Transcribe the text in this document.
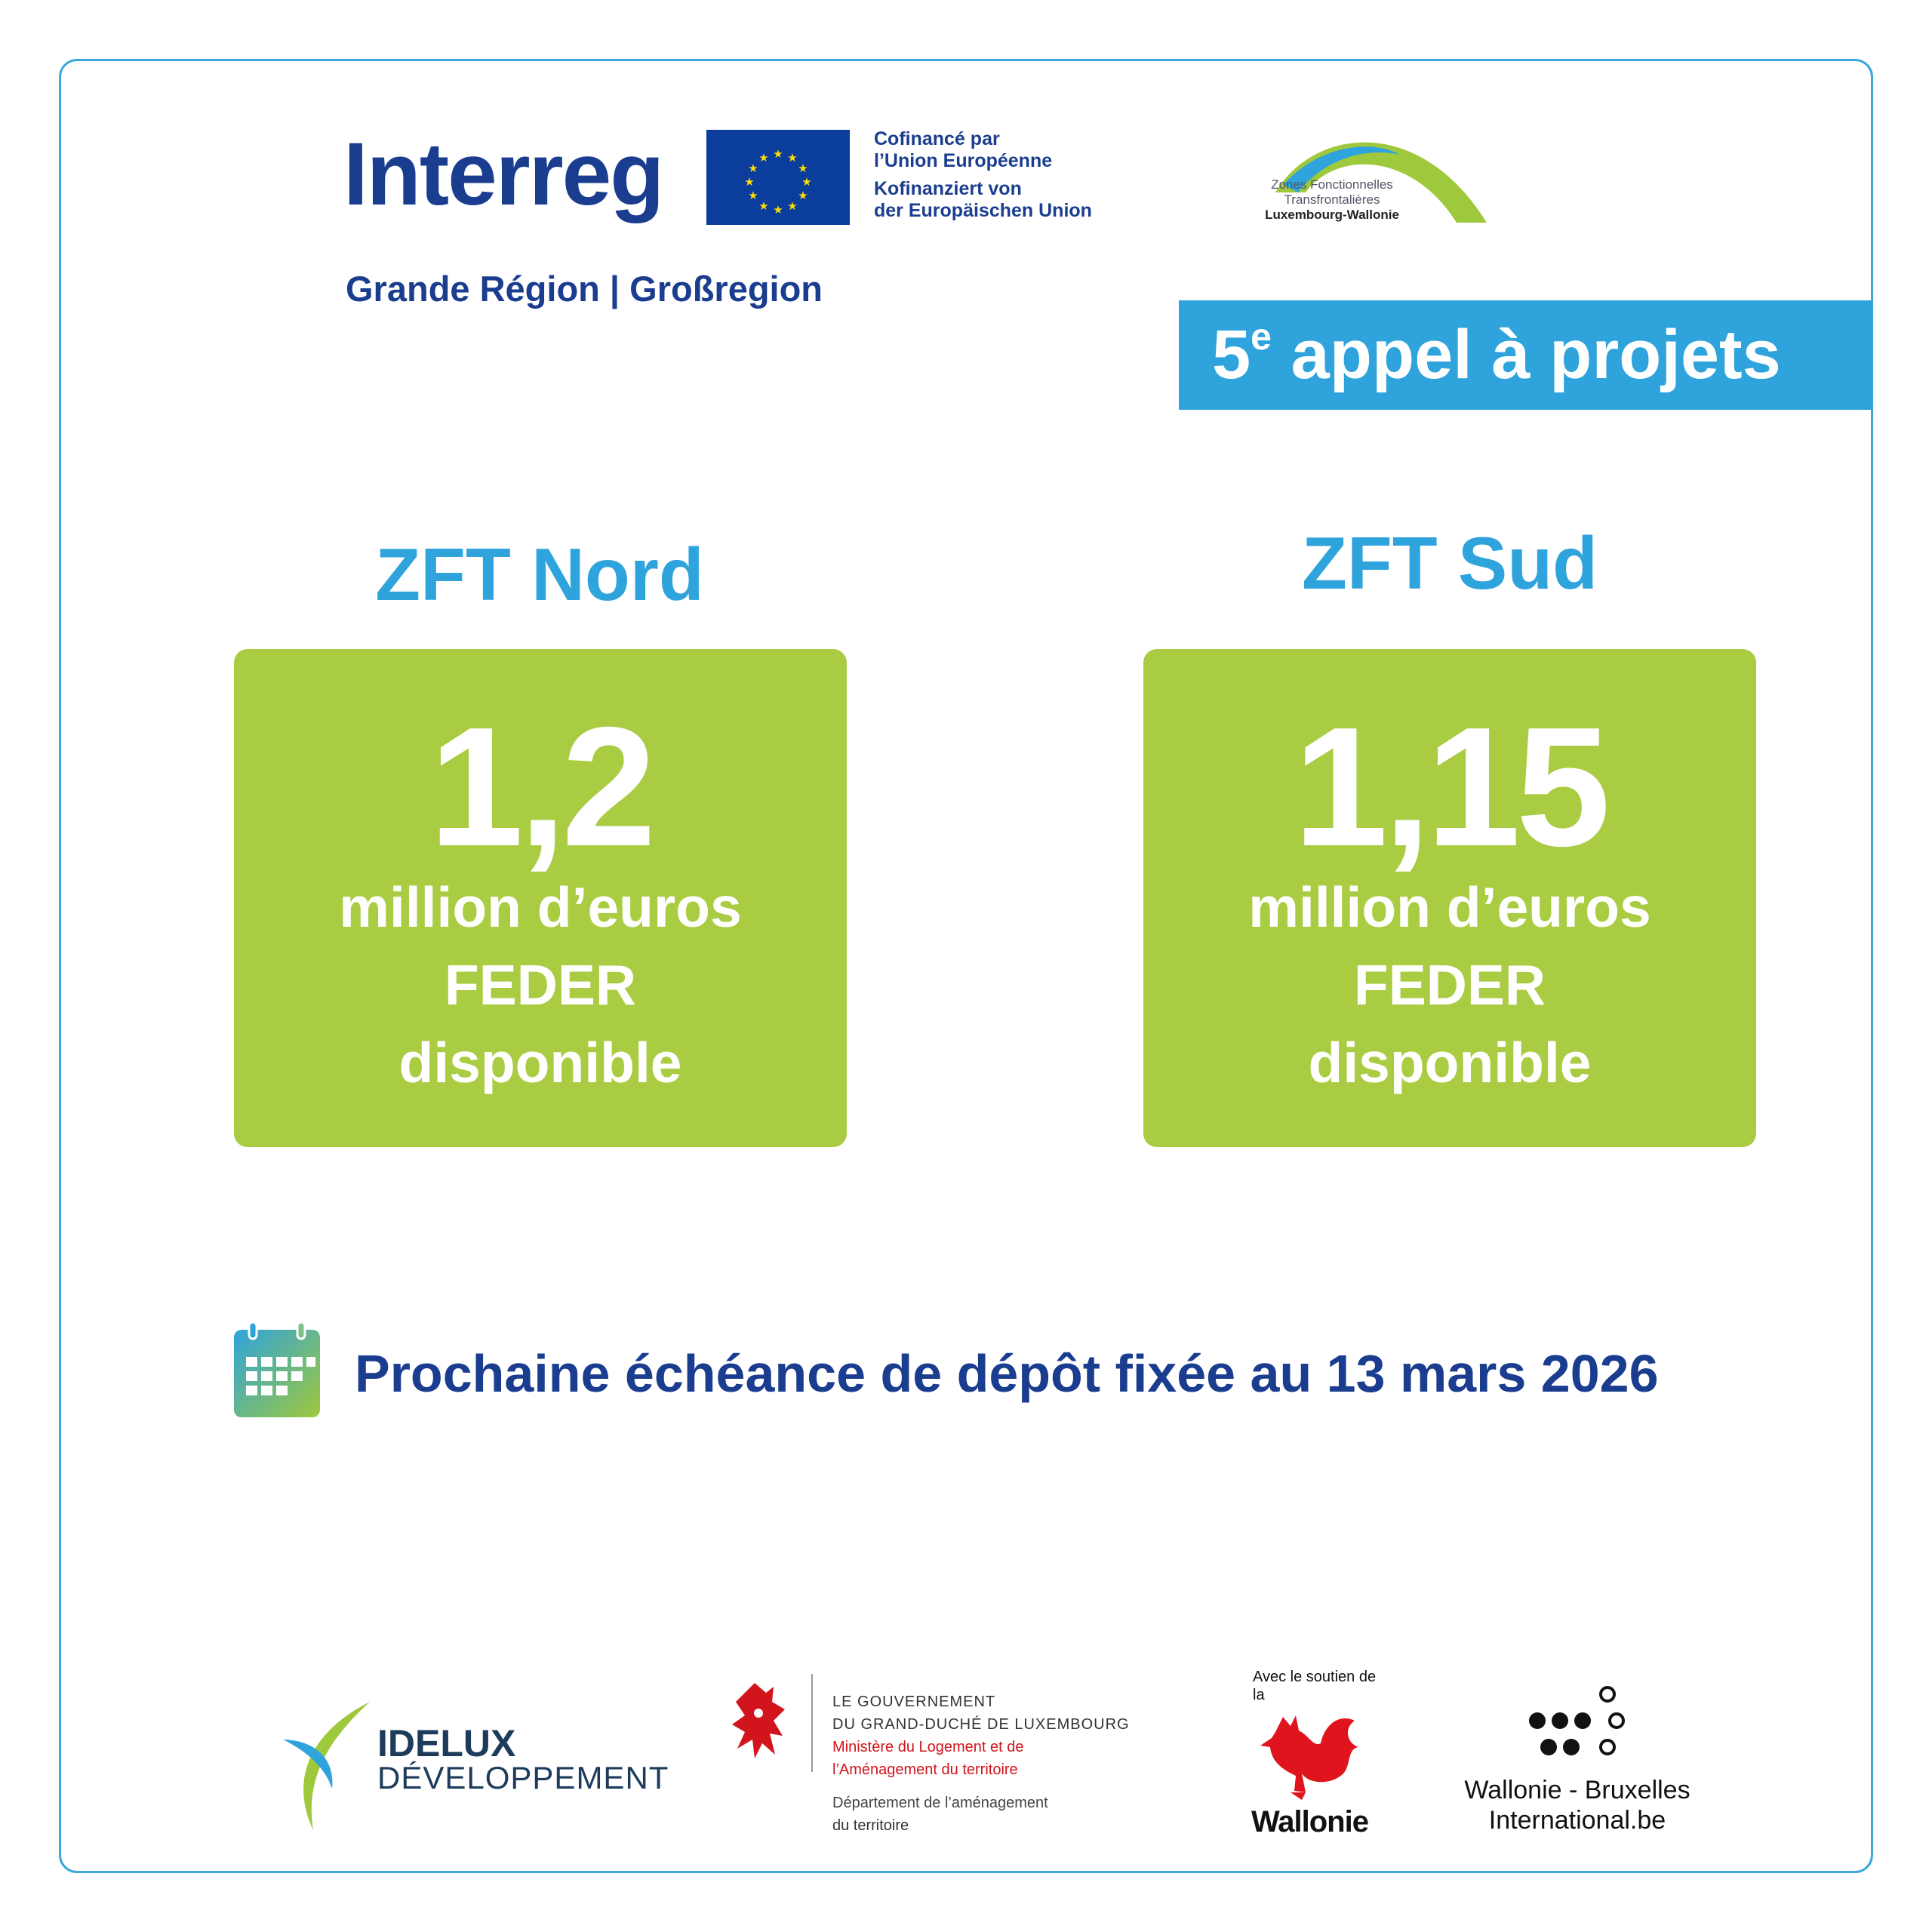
Interreg
Grande Région | Großregion
★ ★
★
★
★
★
★
★
★
★
★
★
Cofinancé par
l’Union Européenne
Kofinanziert von
der Europäischen Union
Zones Fonctionnelles
Transfrontalières
Luxembourg-Wallonie
5e appel à projets
ZFT Nord
1,2
million d’euros
FEDER
disponible
ZFT Sud
1,15
million d’euros
FEDER
disponible
Prochaine échéance de dépôt fixée au 13 mars 2026
IDELUX
DÉVELOPPEMENT
LE GOUVERNEMENT
DU GRAND-DUCHÉ DE LUXEMBOURG
Ministère du Logement et de
l’Aménagement du territoire
Département de l’aménagement
du territoire
Avec le soutien de la
Wallonie
Wallonie - Bruxelles
International.be
